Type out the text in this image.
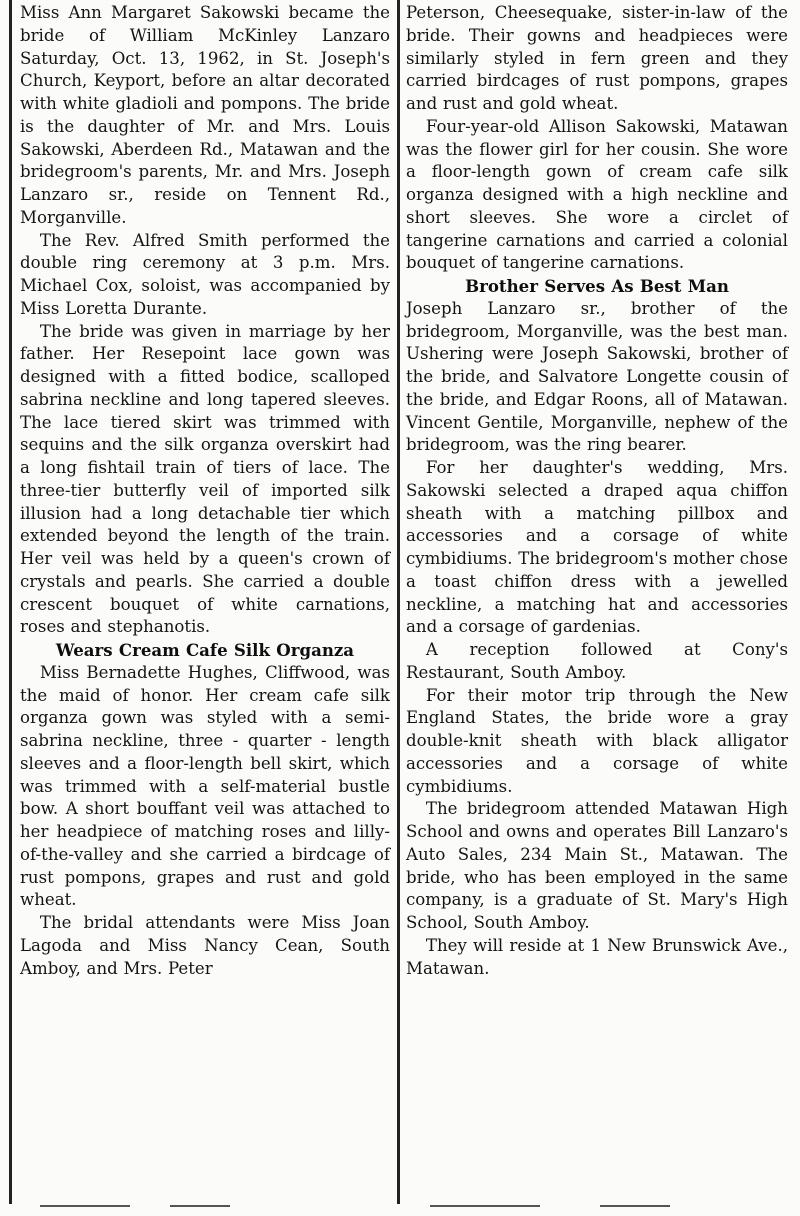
Miss Ann Margaret Sakowski became the bride of William McKinley Lanzaro Saturday, Oct. 13, 1962, in St. Joseph's Church, Keyport, before an altar decorated with white gladioli and pompons. The bride is the daughter of Mr. and Mrs. Louis Sakowski, Aberdeen Rd., Matawan and the bridegroom's parents, Mr. and Mrs. Joseph Lanzaro sr., reside on Tennent Rd., Morganville.

The Rev. Alfred Smith performed the double ring ceremony at 3 p.m. Mrs. Michael Cox, soloist, was accompanied by Miss Loretta Durante.

The bride was given in marriage by her father. Her Resepoint lace gown was designed with a fitted bodice, scalloped sabrina neckline and long tapered sleeves. The lace tiered skirt was trimmed with sequins and the silk organza overskirt had a long fishtail train of tiers of lace. The three-tier butterfly veil of imported silk illusion had a long detachable tier which extended beyond the length of the train. Her veil was held by a queen's crown of crystals and pearls. She carried a double crescent bouquet of white carnations, roses and stephanotis.

Wears Cream Cafe Silk Organza

Miss Bernadette Hughes, Cliffwood, was the maid of honor. Her cream cafe silk organza gown was styled with a semi-sabrina neckline, three - quarter - length sleeves and a floor-length bell skirt, which was trimmed with a self-material bustle bow. A short bouffant veil was attached to her headpiece of matching roses and lilly-of-the-valley and she carried a birdcage of rust pompons, grapes and rust and gold wheat.

The bridal attendants were Miss Joan Lagoda and Miss Nancy Cean, South Amboy, and Mrs. Peter

Peterson, Cheesequake, sister-in-law of the bride. Their gowns and headpieces were similarly styled in fern green and they carried birdcages of rust pompons, grapes and rust and gold wheat.

Four-year-old Allison Sakowski, Matawan was the flower girl for her cousin. She wore a floor-length gown of cream cafe silk organza designed with a high neckline and short sleeves. She wore a circlet of tangerine carnations and carried a colonial bouquet of tangerine carnations.

Brother Serves As Best Man

Joseph Lanzaro sr., brother of the bridegroom, Morganville, was the best man. Ushering were Joseph Sakowski, brother of the bride, and Salvatore Longette cousin of the bride, and Edgar Roons, all of Matawan. Vincent Gentile, Morganville, nephew of the bridegroom, was the ring bearer.

For her daughter's wedding, Mrs. Sakowski selected a draped aqua chiffon sheath with a matching pillbox and accessories and a corsage of white cymbidiums. The bridegroom's mother chose a toast chiffon dress with a jewelled neckline, a matching hat and accessories and a corsage of gardenias.

A reception followed at Cony's Restaurant, South Amboy.

For their motor trip through the New England States, the bride wore a gray double-knit sheath with black alligator accessories and a corsage of white cymbidiums.

The bridegroom attended Matawan High School and owns and operates Bill Lanzaro's Auto Sales, 234 Main St., Matawan. The bride, who has been employed in the same company, is a graduate of St. Mary's High School, South Amboy.

They will reside at 1 New Brunswick Ave., Matawan.
